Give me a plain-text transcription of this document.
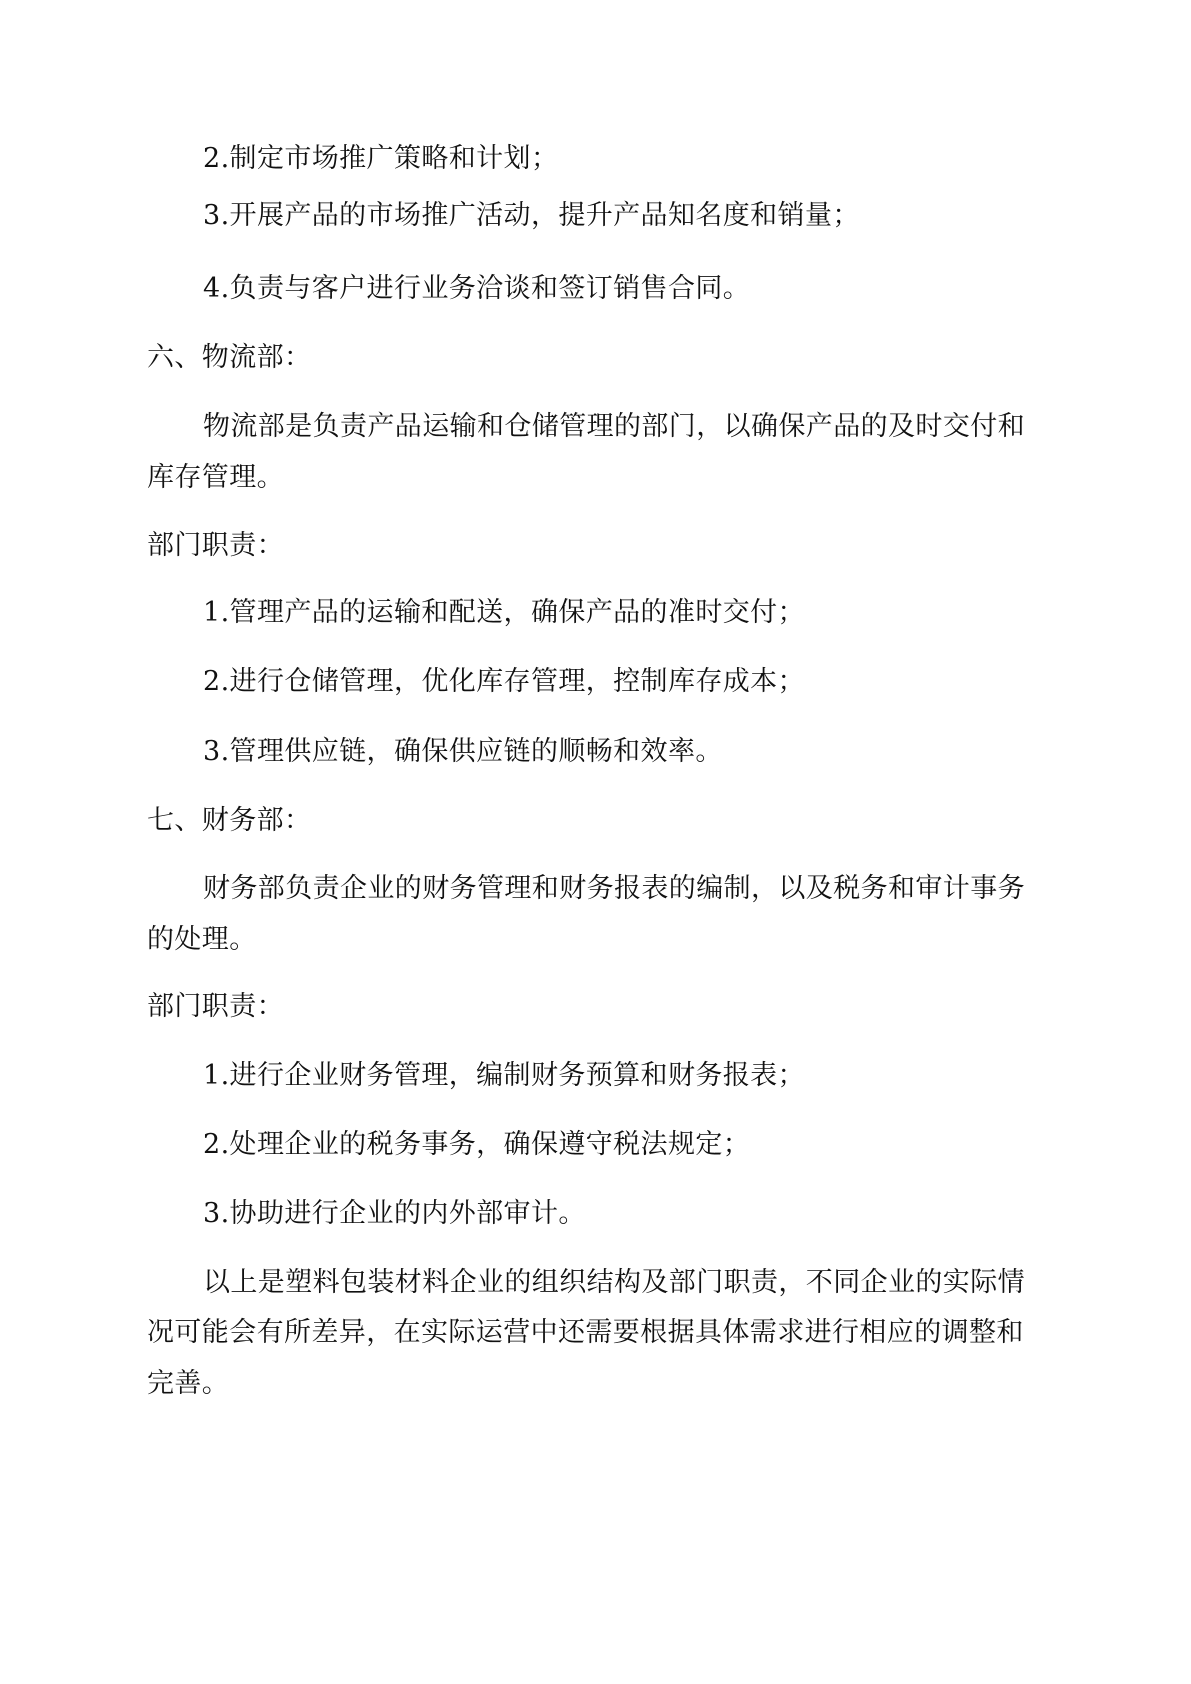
2.制定市场推广策略和计划；
3.开展产品的市场推广活动，提升产品知名度和销量；
4.负责与客户进行业务洽谈和签订销售合同。
六、物流部：
物流部是负责产品运输和仓储管理的部门，以确保产品的及时交付和
库存管理。
部门职责：
1.管理产品的运输和配送，确保产品的准时交付；
2.进行仓储管理，优化库存管理，控制库存成本；
3.管理供应链，确保供应链的顺畅和效率。
七、财务部：
财务部负责企业的财务管理和财务报表的编制，以及税务和审计事务
的处理。
部门职责：
1.进行企业财务管理，编制财务预算和财务报表；
2.处理企业的税务事务，确保遵守税法规定；
3.协助进行企业的内外部审计。
以上是塑料包装材料企业的组织结构及部门职责，不同企业的实际情
况可能会有所差异，在实际运营中还需要根据具体需求进行相应的调整和
完善。
